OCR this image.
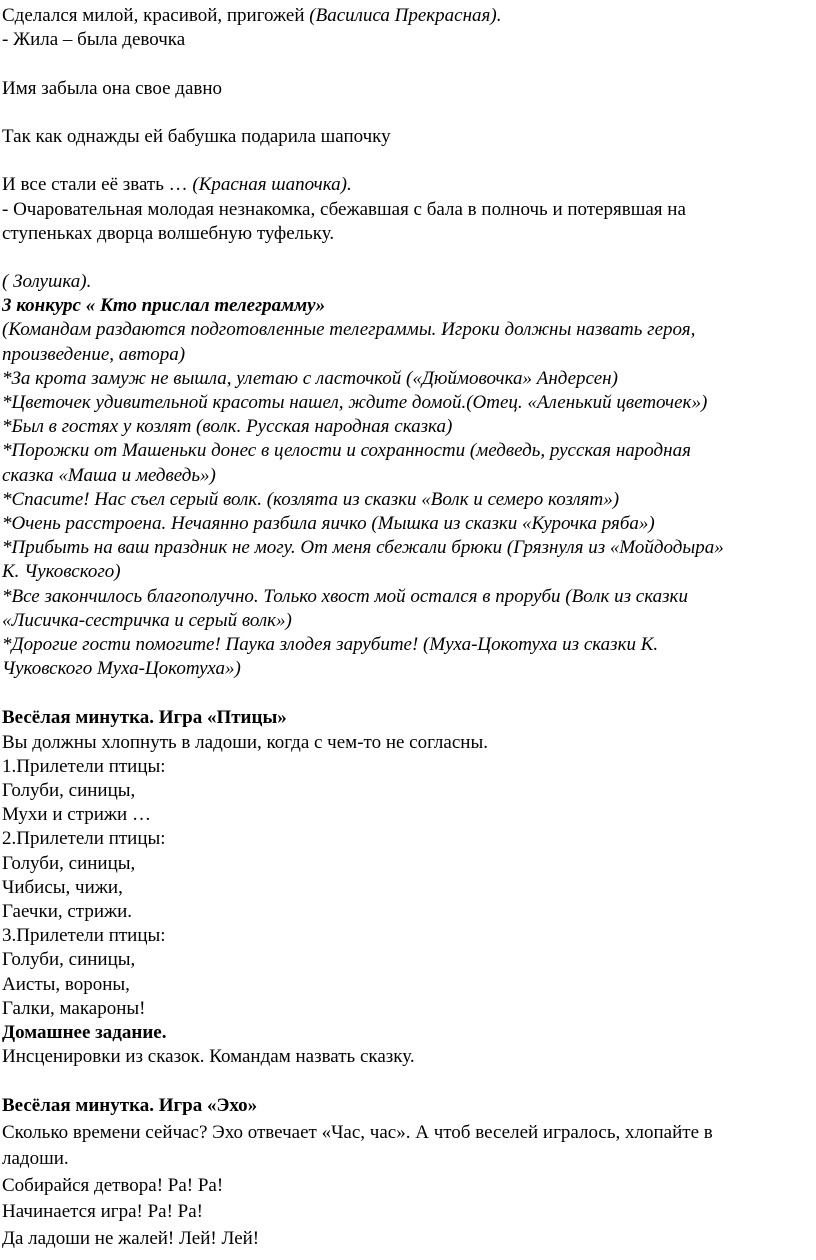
Сделался милой, красивой, пригожей (Василиса Прекрасная).

- Жила – была девочка

Имя забыла она свое давно

Так как однажды ей бабушка подарила шапочку

И все стали её звать … (Красная шапочка).

- Очаровательная молодая незнакомка, сбежавшая с бала в полночь и потерявшая на

ступеньках дворца волшебную туфельку.

( Золушка).

3 конкурс « Кто прислал телеграмму»

(Командам раздаются подготовленные телеграммы. Игроки должны назвать героя,

произведение, автора)

*За крота замуж не вышла, улетаю с ласточкой («Дюймовочка» Андерсен)

*Цветочек удивительной красоты нашел, ждите домой.(Отец. «Аленький цветочек»)

*Был в гостях у козлят (волк. Русская народная сказка)

*Порожки от Машеньки донес в целости и сохранности (медведь, русская народная

сказка «Маша и медведь»)

*Спасите! Нас съел серый волк. (козлята из сказки «Волк и семеро козлят»)

*Очень расстроена. Нечаянно разбила яичко (Мышка из сказки «Курочка ряба»)

*Прибыть на ваш праздник не могу. От меня сбежали брюки (Грязнуля из «Мойдодыра»

К. Чуковского)

*Все закончилось благополучно. Только хвост мой остался в проруби (Волк из сказки

«Лисичка-сестричка и серый волк»)

*Дорогие гости помогите! Паука злодея зарубите! (Муха-Цокотуха из сказки К.

Чуковского Муха-Цокотуха»)

Весёлая минутка. Игра «Птицы»

Вы должны хлопнуть в ладоши, когда с чем-то не согласны.

1.Прилетели птицы:

Голуби, синицы,

Мухи и стрижи …

2.Прилетели птицы:

Голуби, синицы,

Чибисы, чижи,

Гаечки, стрижи.

3.Прилетели птицы:

Голуби, синицы,

Аисты, вороны,

Галки, макароны!

Домашнее задание.

Инсценировки из сказок. Командам назвать сказку.

Весёлая минутка. Игра «Эхо»

Сколько времени сейчас? Эхо отвечает «Час, час». А чтоб веселей игралось, хлопайте в

ладоши.

Собирайся детвора! Ра! Ра!

Начинается игра! Ра! Ра!

Да ладоши не жалей! Лей! Лей!
